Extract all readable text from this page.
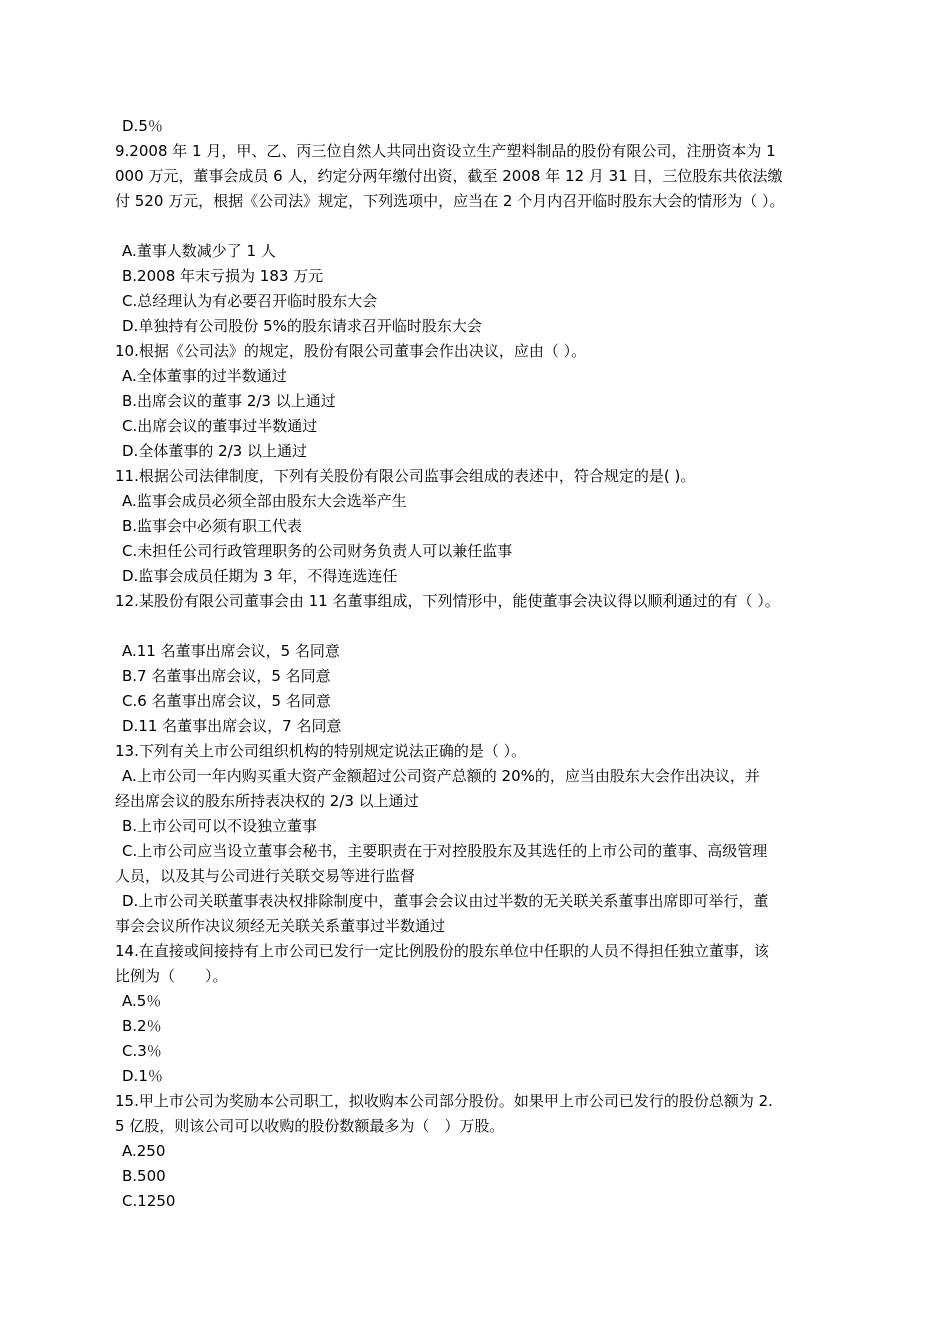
D.5％
9.2008 年 1 月，甲、乙、丙三位自然人共同出资设立生产塑料制品的股份有限公司，注册资本为 1
000 万元，董事会成员 6 人，约定分两年缴付出资，截至 2008 年 12 月 31 日，三位股东共依法缴
付 520 万元，根据《公司法》规定，下列选项中，应当在 2 个月内召开临时股东大会的情形为（ ）。
A.董事人数减少了 1 人
B.2008 年末亏损为 183 万元
C.总经理认为有必要召开临时股东大会
D.单独持有公司股份 5%的股东请求召开临时股东大会
10.根据《公司法》的规定，股份有限公司董事会作出决议，应由（ ）。
A.全体董事的过半数通过
B.出席会议的董事 2/3 以上通过
C.出席会议的董事过半数通过
D.全体董事的 2/3 以上通过
11.根据公司法律制度，下列有关股份有限公司监事会组成的表述中，符合规定的是( )。
A.监事会成员必须全部由股东大会选举产生
B.监事会中必须有职工代表
C.未担任公司行政管理职务的公司财务负责人可以兼任监事
D.监事会成员任期为 3 年，不得连选连任
12.某股份有限公司董事会由 11 名董事组成，下列情形中，能使董事会决议得以顺利通过的有（ ）。
A.11 名董事出席会议，5 名同意
B.7 名董事出席会议，5 名同意
C.6 名董事出席会议，5 名同意
D.11 名董事出席会议，7 名同意
13.下列有关上市公司组织机构的特别规定说法正确的是（ ）。
A.上市公司一年内购买重大资产金额超过公司资产总额的 20%的，应当由股东大会作出决议，并
经出席会议的股东所持表决权的 2/3 以上通过
B.上市公司可以不设独立董事
C.上市公司应当设立董事会秘书，主要职责在于对控股股东及其选任的上市公司的董事、高级管理
人员，以及其与公司进行关联交易等进行监督
D.上市公司关联董事表决权排除制度中，董事会会议由过半数的无关联关系董事出席即可举行，董
事会会议所作决议须经无关联关系董事过半数通过
14.在直接或间接持有上市公司已发行一定比例股份的股东单位中任职的人员不得担任独立董事，该
比例为（　　）。
A.5％
B.2％
C.3％
D.1％
15.甲上市公司为奖励本公司职工，拟收购本公司部分股份。如果甲上市公司已发行的股份总额为 2.
5 亿股，则该公司可以收购的股份数额最多为（　）万股。
A.250
B.500
C.1250
